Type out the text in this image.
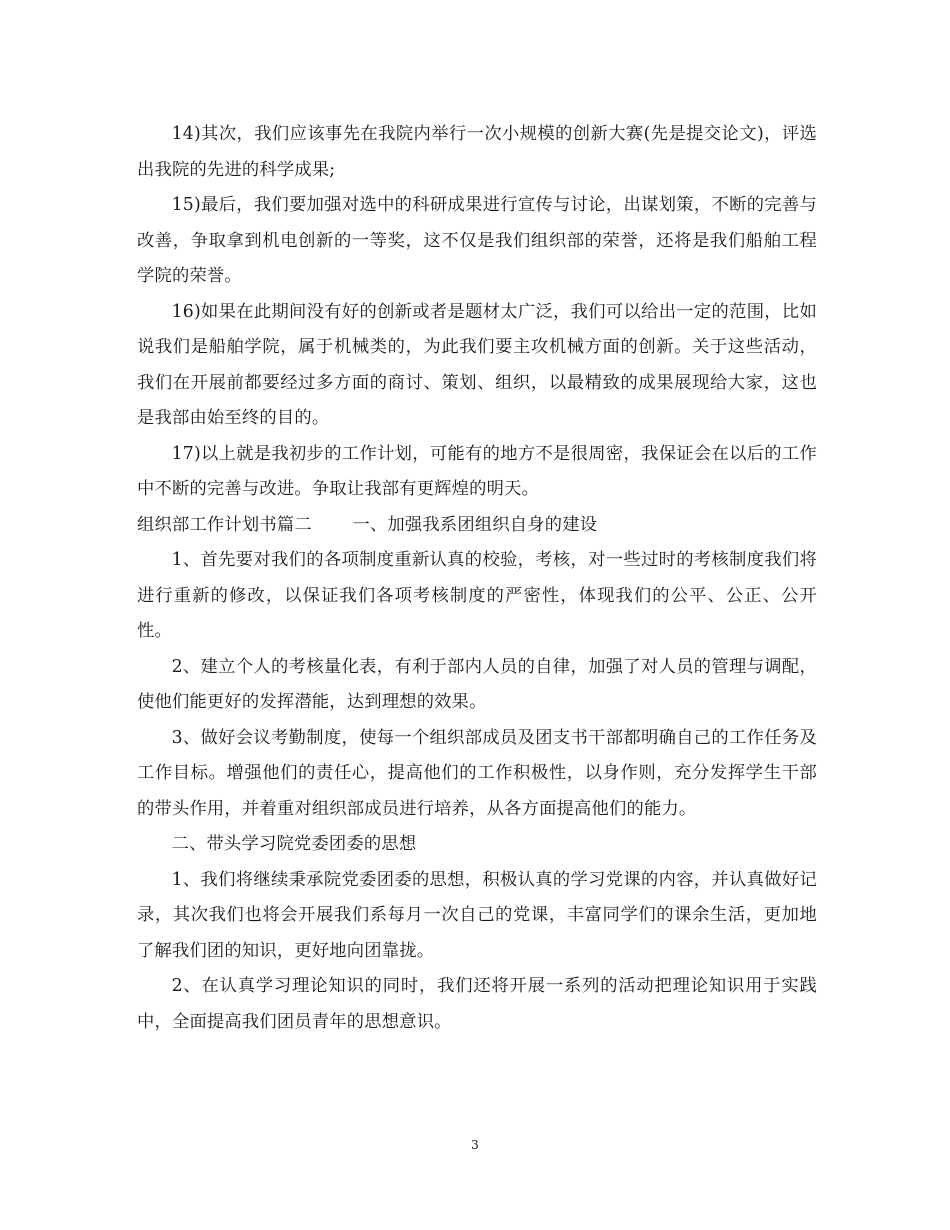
14)其次，我们应该事先在我院内举行一次小规模的创新大赛(先是提交论文)，评选出我院的先进的科学成果;

15)最后，我们要加强对选中的科研成果进行宣传与讨论，出谋划策，不断的完善与改善，争取拿到机电创新的一等奖，这不仅是我们组织部的荣誉，还将是我们船舶工程学院的荣誉。

16)如果在此期间没有好的创新或者是题材太广泛，我们可以给出一定的范围，比如说我们是船舶学院，属于机械类的，为此我们要主攻机械方面的创新。关于这些活动，我们在开展前都要经过多方面的商讨、策划、组织，以最精致的成果展现给大家，这也是我部由始至终的目的。

17)以上就是我初步的工作计划，可能有的地方不是很周密，我保证会在以后的工作中不断的完善与改进。争取让我部有更辉煌的明天。

组织部工作计划书篇二　　 一、加强我系团组织自身的建设

1、首先要对我们的各项制度重新认真的校验，考核，对一些过时的考核制度我们将进行重新的修改，以保证我们各项考核制度的严密性，体现我们的公平、公正、公开性。

2、建立个人的考核量化表，有利于部内人员的自律，加强了对人员的管理与调配，使他们能更好的发挥潜能，达到理想的效果。

3、做好会议考勤制度，使每一个组织部成员及团支书干部都明确自己的工作任务及工作目标。增强他们的责任心，提高他们的工作积极性，以身作则，充分发挥学生干部的带头作用，并着重对组织部成员进行培养，从各方面提高他们的能力。

二、带头学习院党委团委的思想

1、我们将继续秉承院党委团委的思想，积极认真的学习党课的内容，并认真做好记录，其次我们也将会开展我们系每月一次自己的党课，丰富同学们的课余生活，更加地了解我们团的知识，更好地向团靠拢。

2、在认真学习理论知识的同时，我们还将开展一系列的活动把理论知识用于实践中，全面提高我们团员青年的思想意识。

3
